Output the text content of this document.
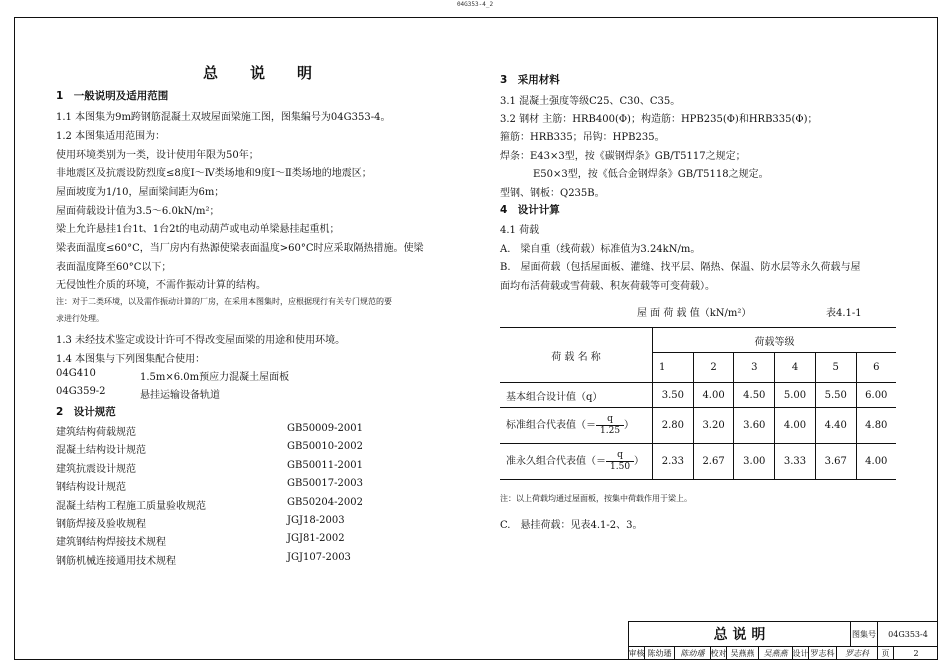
04G353-4_2
总说明
1　一般说明及适用范围
1.1 本图集为9m跨钢筋混凝土双坡屋面梁施工图，图集编号为04G353-4。
1.2 本图集适用范围为：
使用环境类别为一类，设计使用年限为50年；
非地震区及抗震设防烈度≤8度Ⅰ～Ⅳ类场地和9度Ⅰ～Ⅱ类场地的地震区；
屋面坡度为1/10，屋面梁间距为6m；
屋面荷载设计值为3.5～6.0kN/m²；
梁上允许悬挂1台1t、1台2t的电动葫芦或电动单梁悬挂起重机；
梁表面温度≤60°C，当厂房内有热源使梁表面温度>60°C时应采取隔热措施。使梁
表面温度降至60°C以下；
无侵蚀性介质的环境，不需作振动计算的结构。
注：对于二类环境，以及需作振动计算的厂房，在采用本图集时，应根据现行有关专门规范的要
求进行处理。
1.3 未经技术鉴定或设计许可不得改变屋面梁的用途和使用环境。
1.4 本图集与下列图集配合使用：
04G410	1.5m×6.0m预应力混凝土屋面板
04G359-2	悬挂运输设备轨道
2　设计规范
建筑结构荷载规范	GB50009-2001
混凝土结构设计规范	GB50010-2002
建筑抗震设计规范	GB50011-2001
钢结构设计规范	GB50017-2003
混凝土结构工程施工质量验收规范	GB50204-2002
钢筋焊接及验收规程	JGJ18-2003
建筑钢结构焊接技术规程	JGJ81-2002
钢筋机械连接通用技术规程	JGJ107-2003
3　采用材料
3.1 混凝土强度等级C25、C30、C35。
3.2 钢材 主筋：HRB400(Φ)；构造筋：HPB235(Φ)和HRB335(Φ)；
箍筋：HRB335；吊钩：HPB235。
焊条：E43×3型，按《碳钢焊条》GB/T5117之规定；
E50×3型，按《低合金钢焊条》GB/T5118之规定。
型钢、钢板：Q235B。
4　设计计算
4.1 荷载
A.　梁自重（线荷载）标准值为3.24kN/m。
B.　屋面荷载（包括屋面板、灌缝、找平层、隔热、保温、防水层等永久荷载与屋
面均布活荷载或雪荷载、积灰荷载等可变荷载）。
屋 面 荷 载 值（kN/m²）	表4.1-1
荷 载 名 称	荷载等级					
	1	2	3	4	5	6
基本组合设计值（q）	3.50	4.00	4.50	5.00	5.50	6.00
标准组合代表值（＝ $\frac{q}{1.25}$ ）	2.80	3.20	3.60	4.00	4.40	4.80
准永久组合代表值（＝ $\frac{q}{1.50}$ ）	2.33	2.67	3.00	3.33	3.67	4.00
注：以上荷载均通过屋面板，按集中荷载作用于梁上。
C.　悬挂荷载：见表4.1-2、3。
总 说 明	图集号	04G353-4
审核 陈幼璠	陈幼璠 校对 吴燕燕	吴燕燕 设计 罗志科	罗志科	页	2
